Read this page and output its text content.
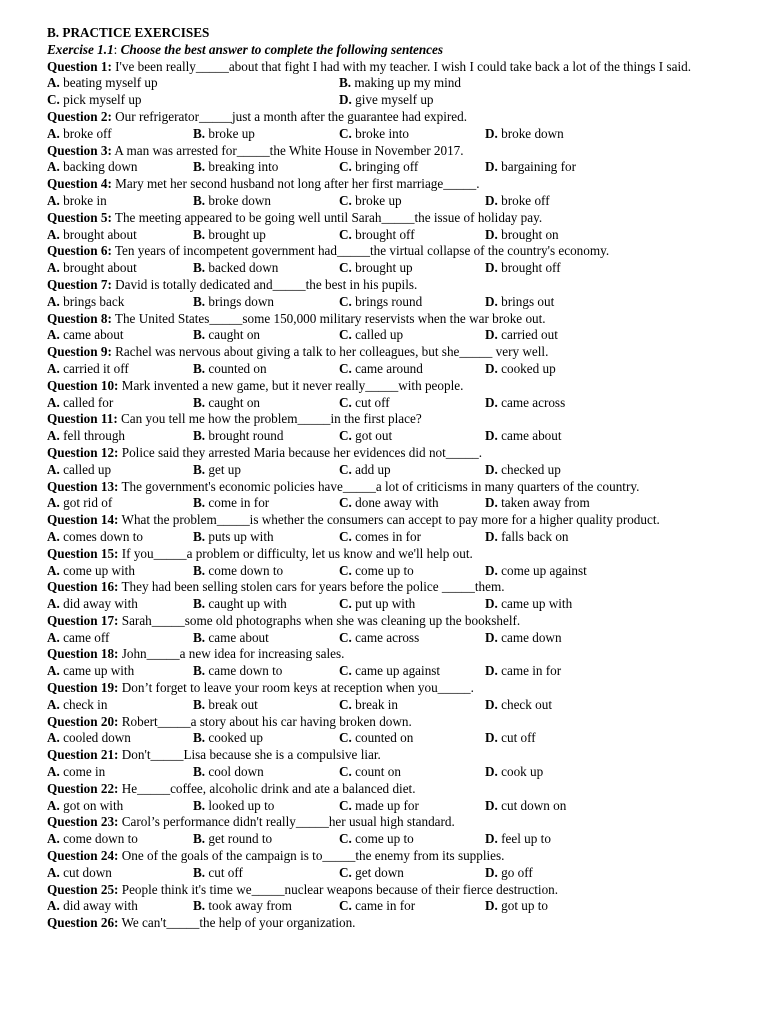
B. PRACTICE EXERCISES
Exercise 1.1: Choose the best answer to complete the following sentences
Question 1: I've been really_____about that fight I had with my teacher. I wish I could take back a lot of the things I said.
A. beating myself up	B. making up my mind
C. pick myself up	D. give myself up
Question 2: Our refrigerator_____just a month after the guarantee had expired.
A. broke off	B. broke up	C. broke into	D. broke down
Question 3: A man was arrested for_____the White House in November 2017.
A. backing down	B. breaking into	C. bringing off	D. bargaining for
Question 4: Mary met her second husband not long after her first marriage_____.
A. broke in	B. broke down	C. broke up	D. broke off
Question 5: The meeting appeared to be going well until Sarah_____the issue of holiday pay.
A. brought about	B. brought up	C. brought off	D. brought on
Question 6: Ten years of incompetent government had_____the virtual collapse of the country's economy.
A. brought about	B. backed down	C. brought up	D. brought off
Question 7: David is totally dedicated and_____the best in his pupils.
A. brings back	B. brings down	C. brings round	D. brings out
Question 8: The United States_____some 150,000 military reservists when the war broke out.
A. came about	B. caught on	C. called up	D. carried out
Question 9: Rachel was nervous about giving a talk to her colleagues, but she_____ very well.
A. carried it off	B. counted on	C. came around	D. cooked up
Question 10: Mark invented a new game, but it never really_____with people.
A. called for	B. caught on	C. cut off	D. came across
Question 11: Can you tell me how the problem_____in the first place?
A. fell through	B. brought round	C. got out	D. came about
Question 12: Police said they arrested Maria because her evidences did not_____.
A. called up	B. get up	C. add up	D. checked up
Question 13: The government's economic policies have_____a lot of criticisms in many quarters of the country.
A. got rid of	B. come in for	C. done away with	D. taken away from
Question 14: What the problem_____is whether the consumers can accept to pay more for a higher quality product.
A. comes down to	B. puts up with	C. comes in for	D. falls back on
Question 15: If you_____a problem or difficulty, let us know and we'll help out.
A. come up with	B. come down to	C. come up to	D. come up against
Question 16: They had been selling stolen cars for years before the police _____them.
A. did away with	B. caught up with	C. put up with	D. came up with
Question 17: Sarah_____some old photographs when she was cleaning up the bookshelf.
A. came off	B. came about	C. came across	D. came down
Question 18: John_____a new idea for increasing sales.
A. came up with	B. came down to	C. came up against	D. came in for
Question 19: Don’t forget to leave your room keys at reception when you_____.
A. check in	B. break out	C. break in	D. check out
Question 20: Robert_____a story about his car having broken down.
A. cooled down	B. cooked up	C. counted on	D. cut off
Question 21: Don't_____Lisa because she is a compulsive liar.
A. come in	B. cool down	C. count on	D. cook up
Question 22: He_____coffee, alcoholic drink and ate a balanced diet.
A. got on with	B. looked up to	C. made up for	D. cut down on
Question 23: Carol’s performance didn't really_____her usual high standard.
A. come down to	B. get round to	C. come up to	D. feel up to
Question 24: One of the goals of the campaign is to_____the enemy from its supplies.
A. cut down	B. cut off	C. get down	D. go off
Question 25: People think it's time we_____nuclear weapons because of their fierce destruction.
A. did away with	B. took away from	C. came in for	D. got up to
Question 26: We can't_____the help of your organization.
